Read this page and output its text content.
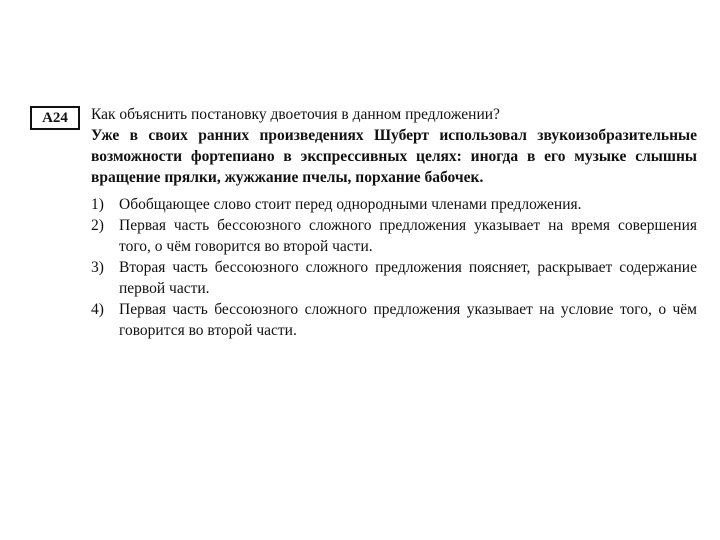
A24	Как объяснить постановку двоеточия в данном предложении?

Уже в своих ранних произведениях Шуберт использовал звукоизобразительные возможности фортепиано в экспрессивных целях: иногда в его музыке слышны вращение прялки, жужжание пчелы, порхание бабочек.

1) Обобщающее слово стоит перед однородными членами предложения.
2) Первая часть бессоюзного сложного предложения указывает на время совершения того, о чём говорится во второй части.
3) Вторая часть бессоюзного сложного предложения поясняет, раскрывает содержание первой части.
4) Первая часть бессоюзного сложного предложения указывает на условие того, о чём говорится во второй части.
